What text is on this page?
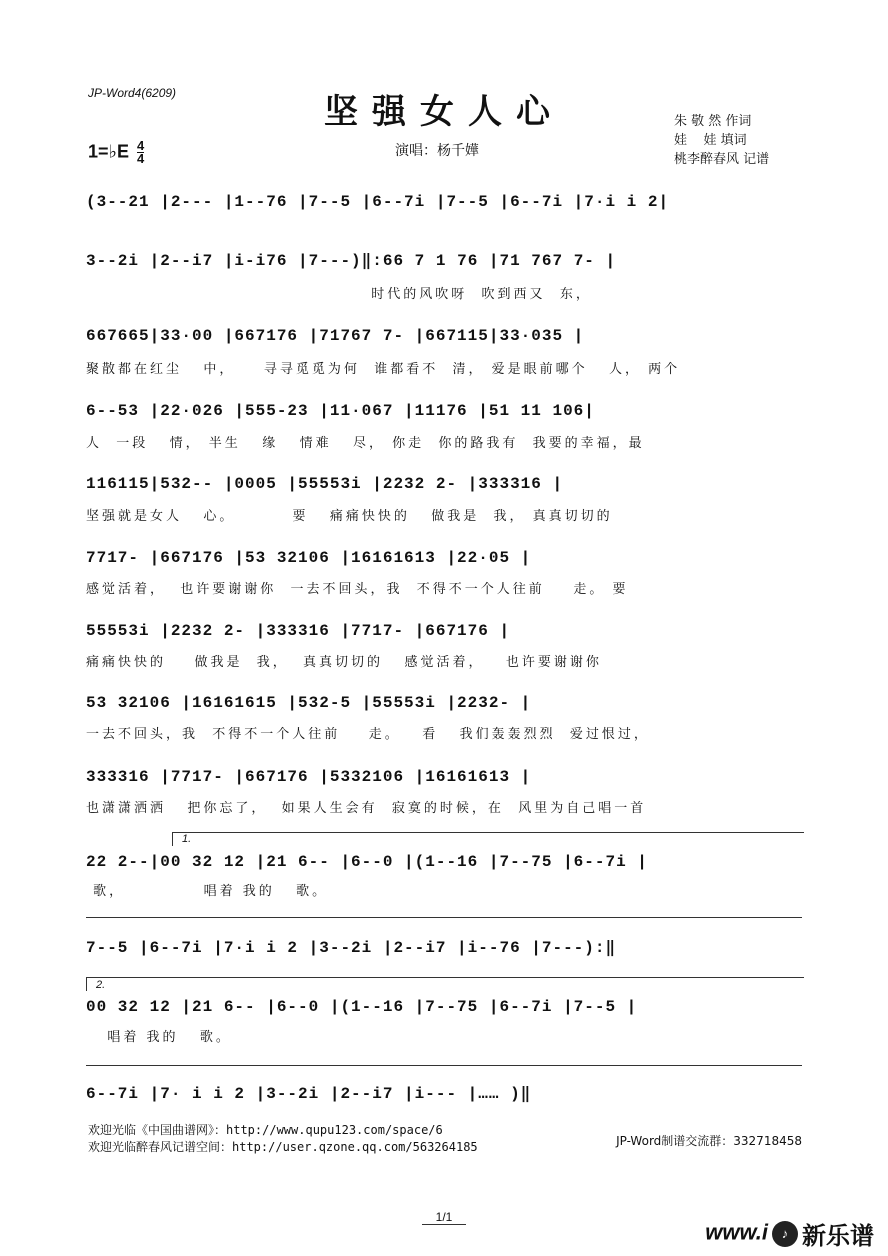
JP-Word4(6209)	坚强女人心
1=♭E $\frac{4}{4}$	演唱：杨千嬅
朱 敬 然 作词
娃    娃 填词
桃李醉春风 记谱
(3--21 |2--- |1--76 |7--5 |6--7i |7--5 |6--7i |7·i i 2|
3--2i |2--i7 |i-i76 |7---)‖:66 7 1 76 |71 767 7- |
时代的风吹呀  吹到西又  东，
667665|33·00 |667176 |71767 7- |667115|33·035 |
聚散都在红尘   中，    寻寻觅觅为何  谁都看不  清， 爱是眼前哪个   人， 两个
6--53 |22·026 |555-23 |11·067 |11176 |51 11 106|
人  一段   情， 半生   缘   情难   尽， 你走  你的路我有  我要的幸福，最
116115|532-- |0005 |55553i |2232 2- |333316 |
坚强就是女人   心。        要   痛痛快快的   做我是  我， 真真切切的
7717- |667176 |53 32106 |16161613 |22·05 |
感觉活着，  也许要谢谢你  一去不回头，我  不得不一个人往前    走。 要
55553i |2232 2- |333316 |7717- |667176 |
痛痛快快的    做我是  我，  真真切切的   感觉活着，   也许要谢谢你
53 32106 |16161615 |532-5 |55553i |2232- |
一去不回头，我  不得不一个人往前    走。   看   我们轰轰烈烈  爱过恨过，
333316 |7717- |667176 |5332106 |16161613 |
也潇潇洒洒   把你忘了，  如果人生会有  寂寞的时候，在  风里为自己唱一首
1.
22 2--|00 32 12 |21 6-- |6--0 |(1--16 |7--75 |6--7i |
歌，           唱着 我的   歌。
7--5 |6--7i |7·i i 2 |3--2i |2--i7 |i--76 |7---):‖
2.
00 32 12 |21 6-- |6--0 |(1--16 |7--75 |6--7i |7--5 |
唱着 我的   歌。
6--7i |7· i i 2 |3--2i |2--i7 |i--- |…… )‖
欢迎光临《中国曲谱网》：http://www.qupu123.com/space/6
欢迎光临醉春风记谱空间：http://user.qzone.qq.com/563264185	JP-Word制谱交流群：332718458
1/1
www.i ♪ 新乐谱
